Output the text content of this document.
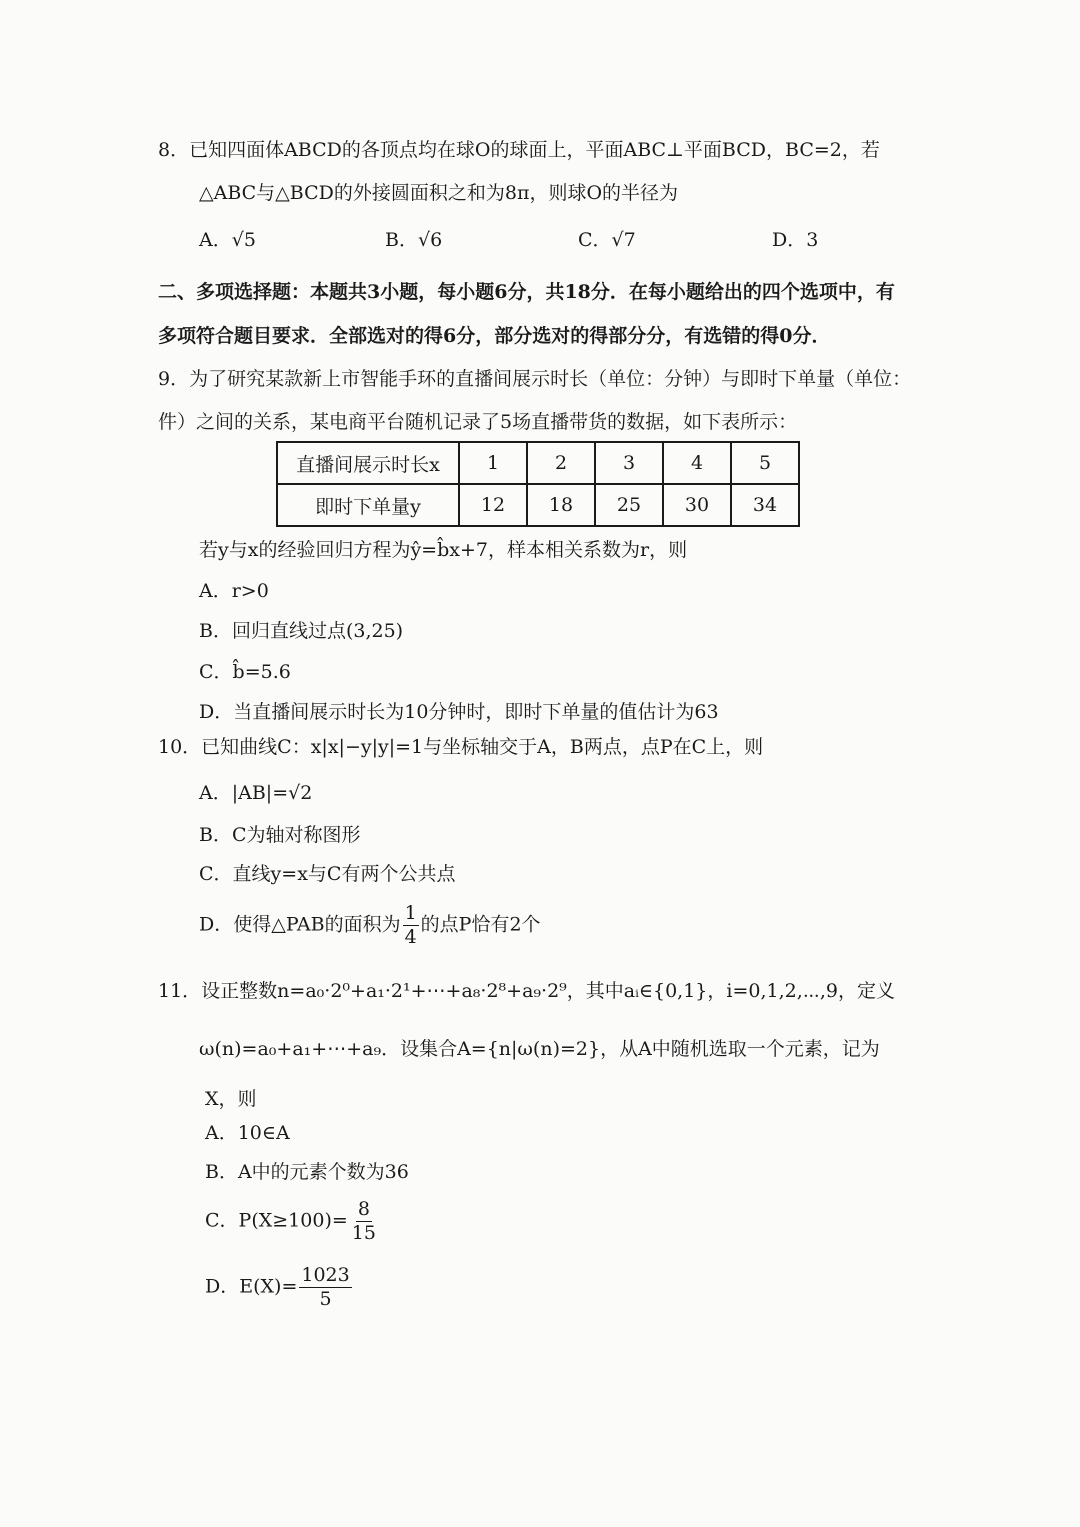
8．已知四面体ABCD的各顶点均在球O的球面上，平面ABC⊥平面BCD，BC=2，若
△ABC与△BCD的外接圆面积之和为8π，则球O的半径为
A．√5	B．√6	C．√7	D．3
二、多项选择题：本题共3小题，每小题6分，共18分．在每小题给出的四个选项中，有
多项符合题目要求．全部选对的得6分，部分选对的得部分分，有选错的得0分．
9．为了研究某款新上市智能手环的直播间展示时长（单位：分钟）与即时下单量（单位：
件）之间的关系，某电商平台随机记录了5场直播带货的数据，如下表所示：
直播间展示时长x	1	2	3	4	5
即时下单量y	12	18	25	30	34
若y与x的经验回归方程为ŷ=b̂x+7，样本相关系数为r，则
A．r>0
B．回归直线过点(3,25)
C．b̂=5.6
D．当直播间展示时长为10分钟时，即时下单量的值估计为63
10．已知曲线C：x|x|−y|y|=1与坐标轴交于A，B两点，点P在C上，则
A．|AB|=√2
B．C为轴对称图形
C．直线y=x与C有两个公共点
D．使得△PAB的面积为 $\frac{1}{4}$ 的点P恰有2个
11．设正整数n=a₀·2⁰+a₁·2¹+⋯+a₈·2⁸+a₉·2⁹，其中aᵢ∈{0,1}，i=0,1,2,⋯,9，定义
ω(n)=a₀+a₁+⋯+a₉．设集合A={n|ω(n)=2}，从A中随机选取一个元素，记为
X，则
A．10∈A
B．A中的元素个数为36
C．$P(X\ge 100)= \frac{8}{15}$
D．$E(X)= \frac{1023}{5}$
